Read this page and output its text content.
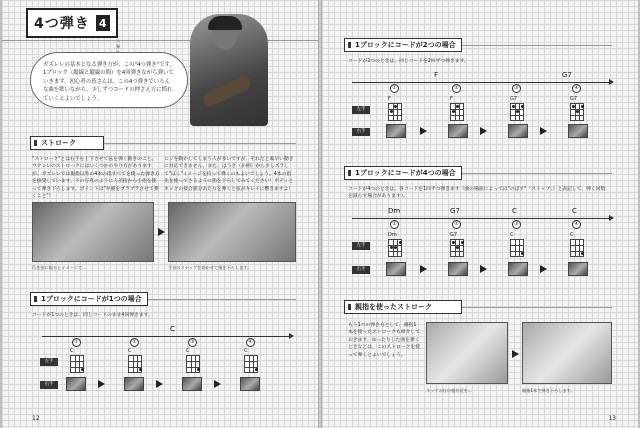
4つ弾き 4
4 弾
ガズレレの基本となる弾き方が、この"4つ弾き"です。1ブロック（縦線と縦線の間）を4回弾きながら弾いていきます。初心者の皆さんは、この4つ弾きでいろんな曲を歌いながら、少しずつコードの押さえ方に慣れていくとよいでしょう。
ストローク
"ストローク"とは右手を上下させて弦を弾く動きのこと。ウクレレのストロークにはいくつかのやり方がありますが、ガズレレでは親指以外の4本の指すべてを使った弾き方を推奨しています。下の写真のように人差指から小指を使って弾き下ろします。ポイントは"弁慶をブラブラさせて弾くこと"！
ヒジを動かしてしまう人が多いですが、それだと素早い動きに対応できません。また、はうき（か柄）から少しズラして"ほく"イメージを持って弾くのもよいでしょう。4本の指先を使ってさるように指を下ろしてみてください！ボディとネックの接合部分あたりを弾くと弦がキレイに響きますよ！
爪を弦に振るとイメージで…	手首のスナップを効かせて指を下ろします。
1ブロックにコードが1つの場合
コードが1つのときは、同じコードのまま4回弾きます。
C
①	②	③	④
左手
右手
C	C	C	C
12
1ブロックにコードが2つの場合
コードが2つのときは、同じコードを2回ずつ弾きます。
F	G7
①	②	③	④
左手
右手
F	F	G7	G7
1ブロックにコードが4つの場合
コードが4つのときは、各コードを1回ずつ弾きます（曲の場面によっては"のばす"「ストップ」）と表記して、弾く回数を減らす場合があります）。
Dm	G7	C	C
①	②	③	④
左手
右手
Dm	G7	C	C
親指を使ったストローク
もう1つの弾き方として、親指1本を使ったストロークも紹介しておきます。ゆったりした曲を弾くときなどは、このストロークを使って弾くとよいでしょう。
ネックの付け根付近を…	親指1本で弾き下ろします。
13
